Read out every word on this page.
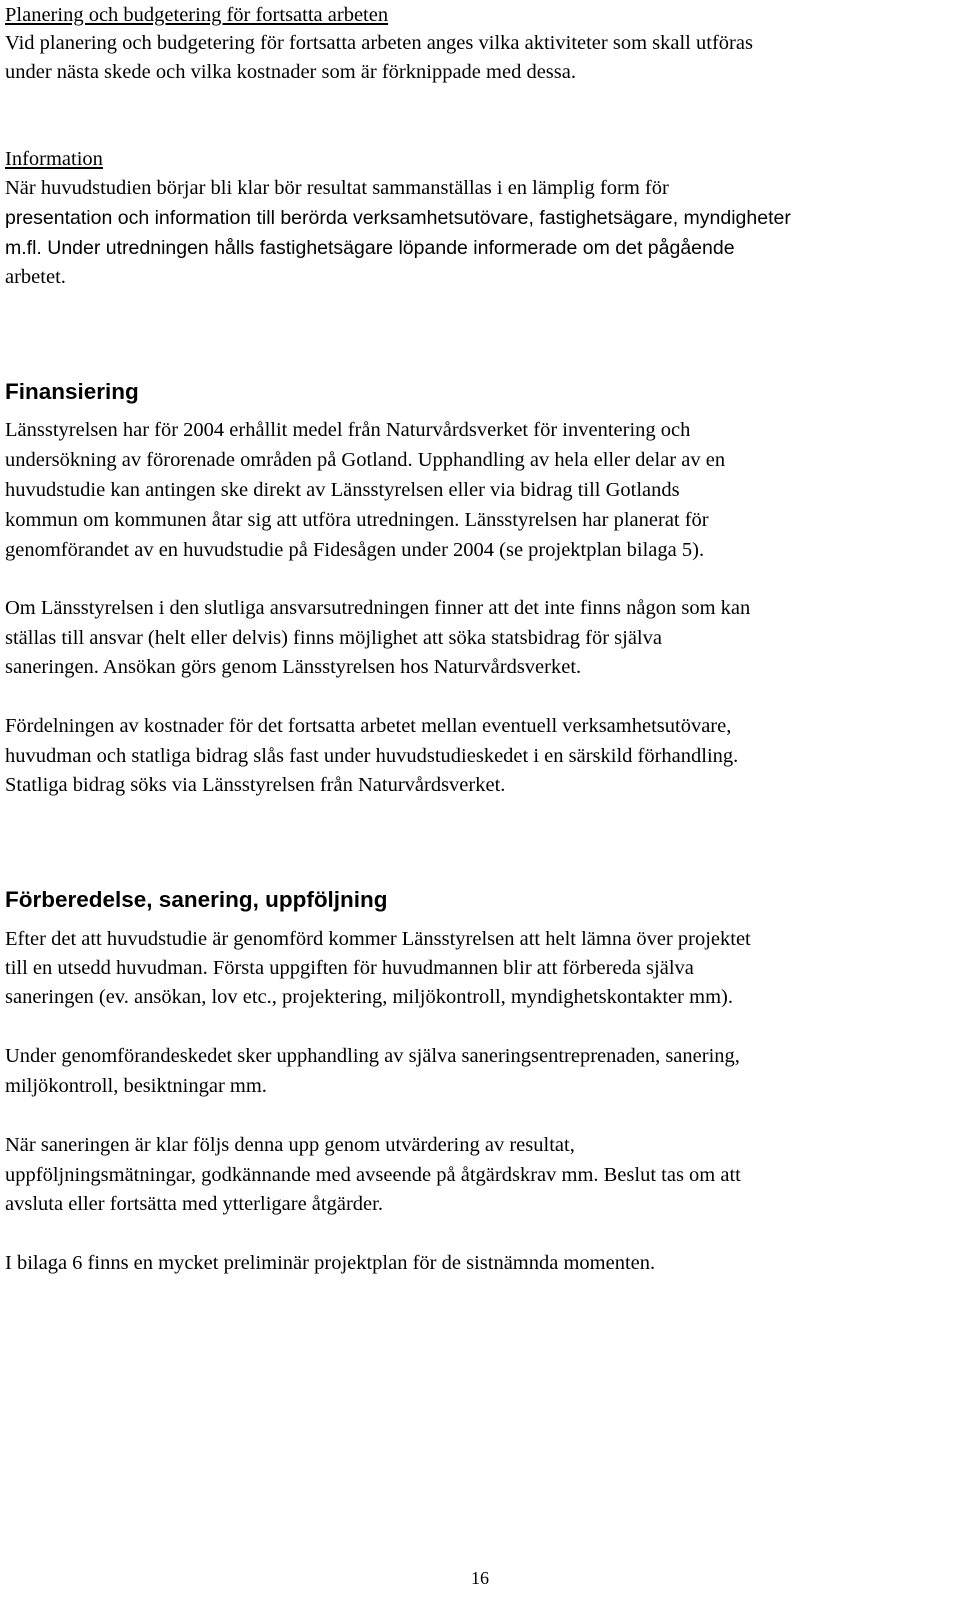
Planering och budgetering för fortsatta arbeten
Vid planering och budgetering för fortsatta arbeten anges vilka aktiviteter som skall utföras
under nästa skede och vilka kostnader som är förknippade med dessa.
Information
När huvudstudien börjar bli klar bör resultat sammanställas i en lämplig form för
presentation och information till berörda verksamhetsutövare, fastighetsägare, myndigheter
m.fl. Under utredningen hålls fastighetsägare löpande informerade om det pågående
arbetet.
Finansiering
Länsstyrelsen har för 2004 erhållit medel från Naturvårdsverket för inventering och
undersökning av förorenade områden på Gotland. Upphandling av hela eller delar av en
huvudstudie kan antingen ske direkt av Länsstyrelsen eller via bidrag till Gotlands
kommun om kommunen åtar sig att utföra utredningen. Länsstyrelsen har planerat för
genomförandet av en huvudstudie på Fidesågen under 2004 (se projektplan bilaga 5).
Om Länsstyrelsen i den slutliga ansvarsutredningen finner att det inte finns någon som kan
ställas till ansvar (helt eller delvis) finns möjlighet att söka statsbidrag för själva
saneringen. Ansökan görs genom Länsstyrelsen hos Naturvårdsverket.
Fördelningen av kostnader för det fortsatta arbetet mellan eventuell verksamhetsutövare,
huvudman och statliga bidrag slås fast under huvudstudieskedet i en särskild förhandling.
Statliga bidrag söks via Länsstyrelsen från Naturvårdsverket.
Förberedelse, sanering, uppföljning
Efter det att huvudstudie är genomförd kommer Länsstyrelsen att helt lämna över projektet
till en utsedd huvudman. Första uppgiften för huvudmannen blir att förbereda själva
saneringen (ev. ansökan, lov etc., projektering, miljökontroll, myndighetskontakter mm).
Under genomförandeskedet sker upphandling av själva saneringsentreprenaden, sanering,
miljökontroll, besiktningar mm.
När saneringen är klar följs denna upp genom utvärdering av resultat,
uppföljningsmätningar, godkännande med avseende på åtgärdskrav mm. Beslut tas om att
avsluta eller fortsätta med ytterligare åtgärder.
I bilaga 6 finns en mycket preliminär projektplan för de sistnämnda momenten.
16
